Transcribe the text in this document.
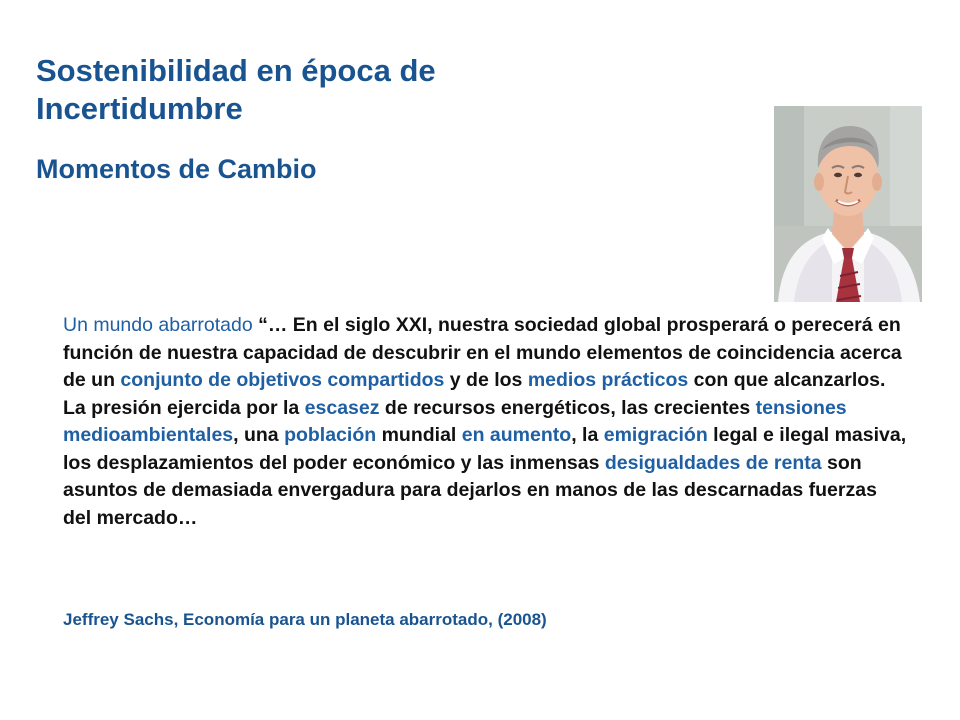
Sostenibilidad en época de Incertidumbre
Momentos de Cambio

Un mundo abarrotado “… En el siglo XXI, nuestra sociedad global prosperará o perecerá en función de nuestra capacidad de descubrir en el mundo elementos de coincidencia acerca de un conjunto de objetivos compartidos y de los medios prácticos con que alcanzarlos. La presión ejercida por la escasez de recursos energéticos, las crecientes tensiones medioambientales, una población mundial en aumento, la emigración legal e ilegal masiva, los desplazamientos del poder económico y las inmensas desigualdades de renta son asuntos de demasiada envergadura para dejarlos en manos de las descarnadas fuerzas del mercado…

Jeffrey Sachs, Economía para un planeta abarrotado, (2008)
